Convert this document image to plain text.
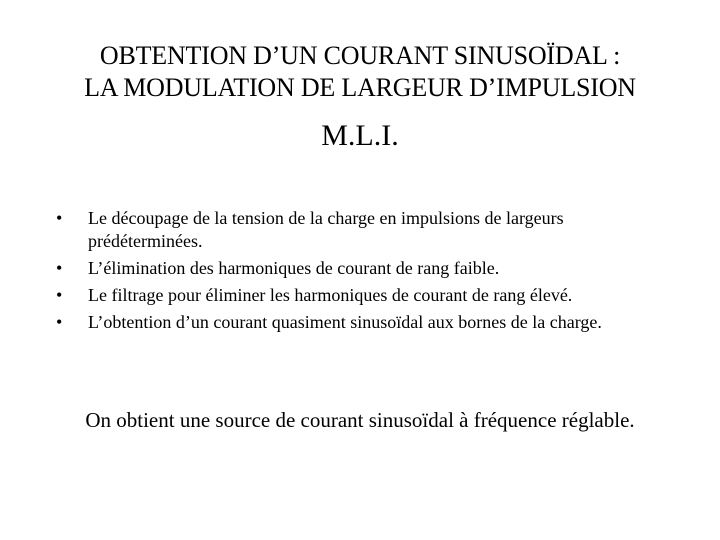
OBTENTION D’UN COURANT SINUSOÏDAL :
LA MODULATION DE LARGEUR D’IMPULSION
M.L.I.
•	Le découpage de la tension de la charge en impulsions de largeurs prédéterminées.
•	L’élimination des harmoniques de courant de rang faible.
•	Le filtrage pour éliminer les harmoniques de courant de rang élevé.
•	L’obtention d’un courant quasiment sinusoïdal aux bornes de la charge.
On obtient une source de courant sinusoïdal à fréquence réglable.
